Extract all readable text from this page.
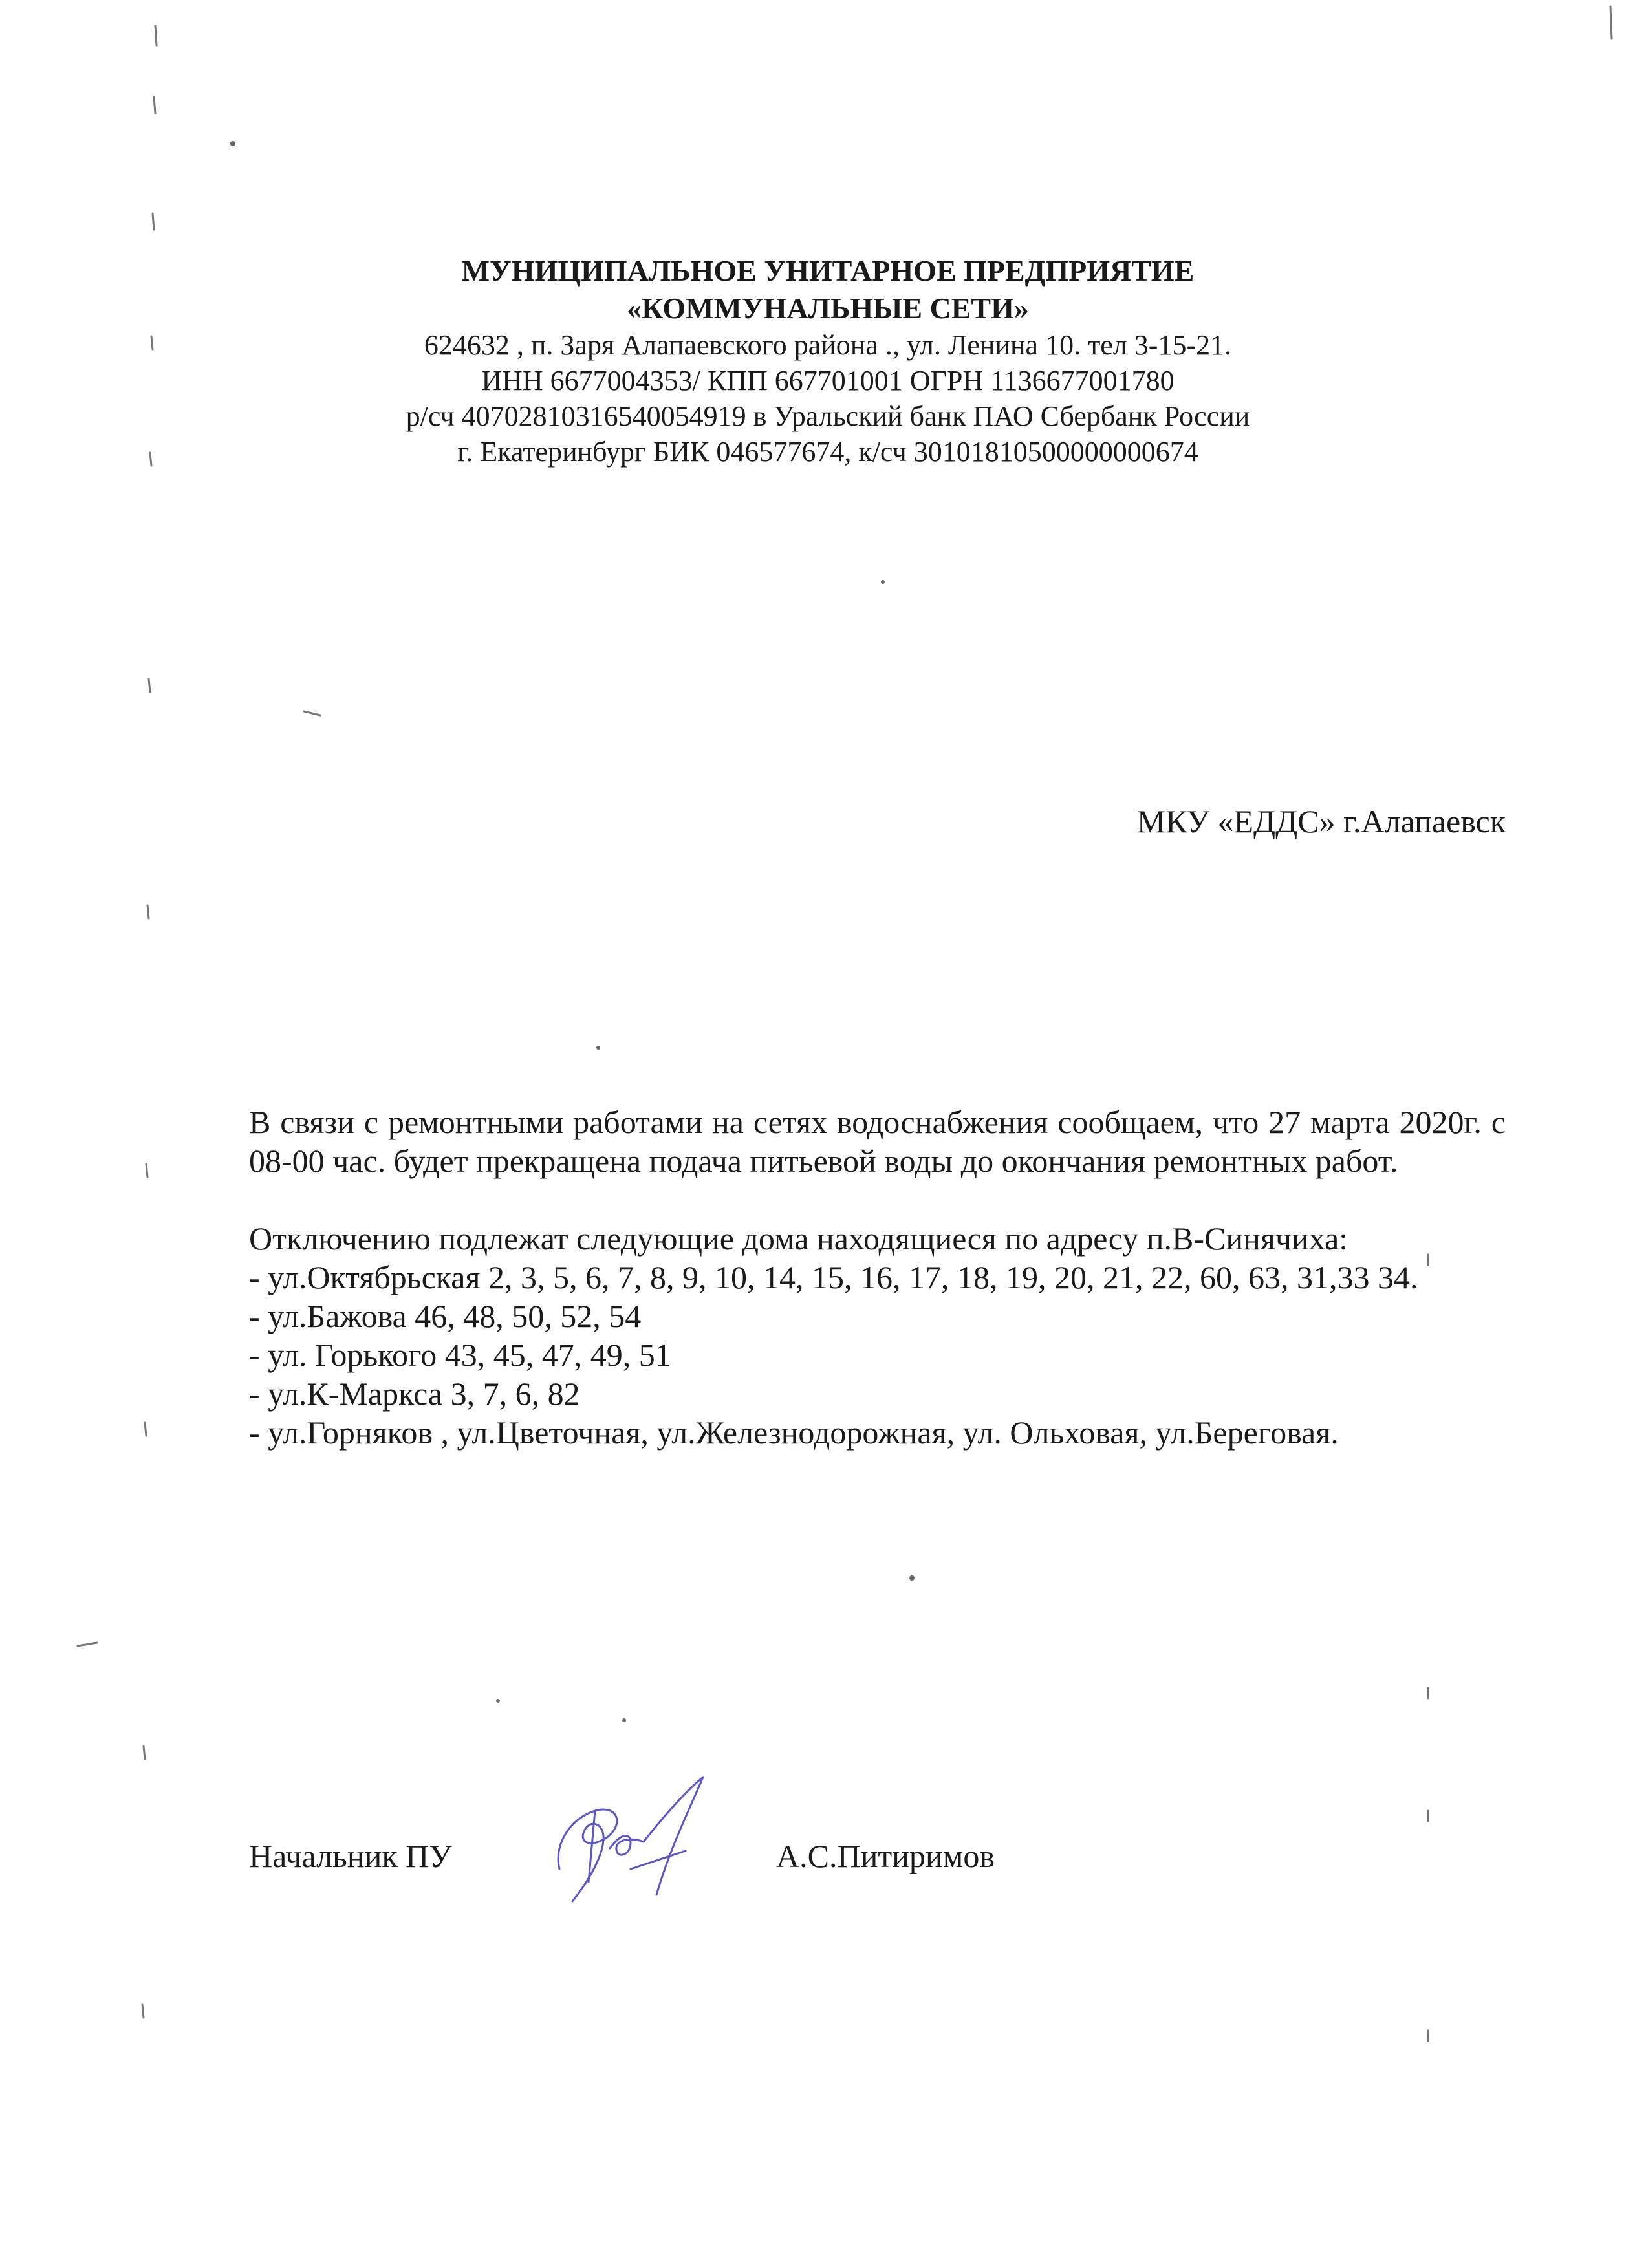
МУНИЦИПАЛЬНОЕ УНИТАРНОЕ ПРЕДПРИЯТИЕ
«КОММУНАЛЬНЫЕ СЕТИ»
624632 , п. Заря Алапаевского района ., ул. Ленина 10. тел 3-15-21.
ИНН 6677004353/ КПП 667701001 ОГРН 1136677001780
р/сч 40702810316540054919 в Уральский банк ПАО Сбербанк России
г. Екатеринбург БИК 046577674, к/сч 30101810500000000674
МКУ «ЕДДС» г.Алапаевск

В связи с ремонтными работами на сетях водоснабжения сообщаем, что 27 марта 2020г. с 08-00 час. будет прекращена подача питьевой воды до окончания ремонтных работ.

Отключению подлежат следующие дома находящиеся по адресу п.В-Синячиха:

- ул.Октябрьская 2, 3, 5, 6, 7, 8, 9, 10, 14, 15, 16, 17, 18, 19, 20, 21, 22, 60, 63, 31,33 34.

- ул.Бажова 46, 48, 50, 52, 54

- ул. Горького 43, 45, 47, 49, 51

- ул.К-Маркса 3, 7, 6, 82

- ул.Горняков , ул.Цветочная, ул.Железнодорожная, ул. Ольховая, ул.Береговая.

Начальник ПУ	А.С.Питиримов
